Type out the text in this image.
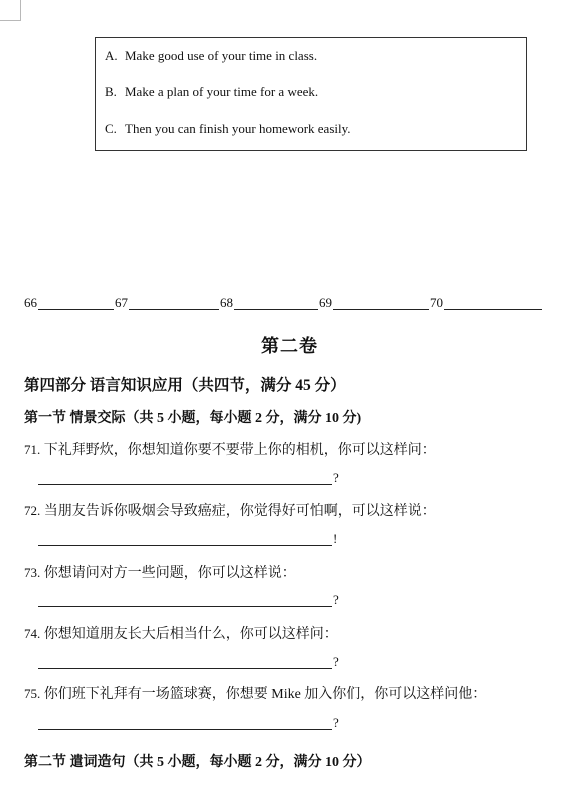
A. Make good use of your time in class.
B. Make a plan of your time for a week.
C. Then you can finish your homework easily.
66	67	68	69	70
第二卷
第四部分 语言知识应用（共四节，满分 45 分）
第一节 情景交际（共 5 小题，每小题 2 分，满分 10 分)
71. 下礼拜野炊，你想知道你要不要带上你的相机，你可以这样问：
?
72. 当朋友告诉你吸烟会导致癌症，你觉得好可怕啊，可以这样说：
!
73. 你想请问对方一些问题，你可以这样说：
?
74. 你想知道朋友长大后相当什么，你可以这样问：
?
75. 你们班下礼拜有一场篮球赛，你想要 Mike 加入你们，你可以这样问他：
?
第二节 遣词造句（共 5 小题，每小题 2 分，满分 10 分）
